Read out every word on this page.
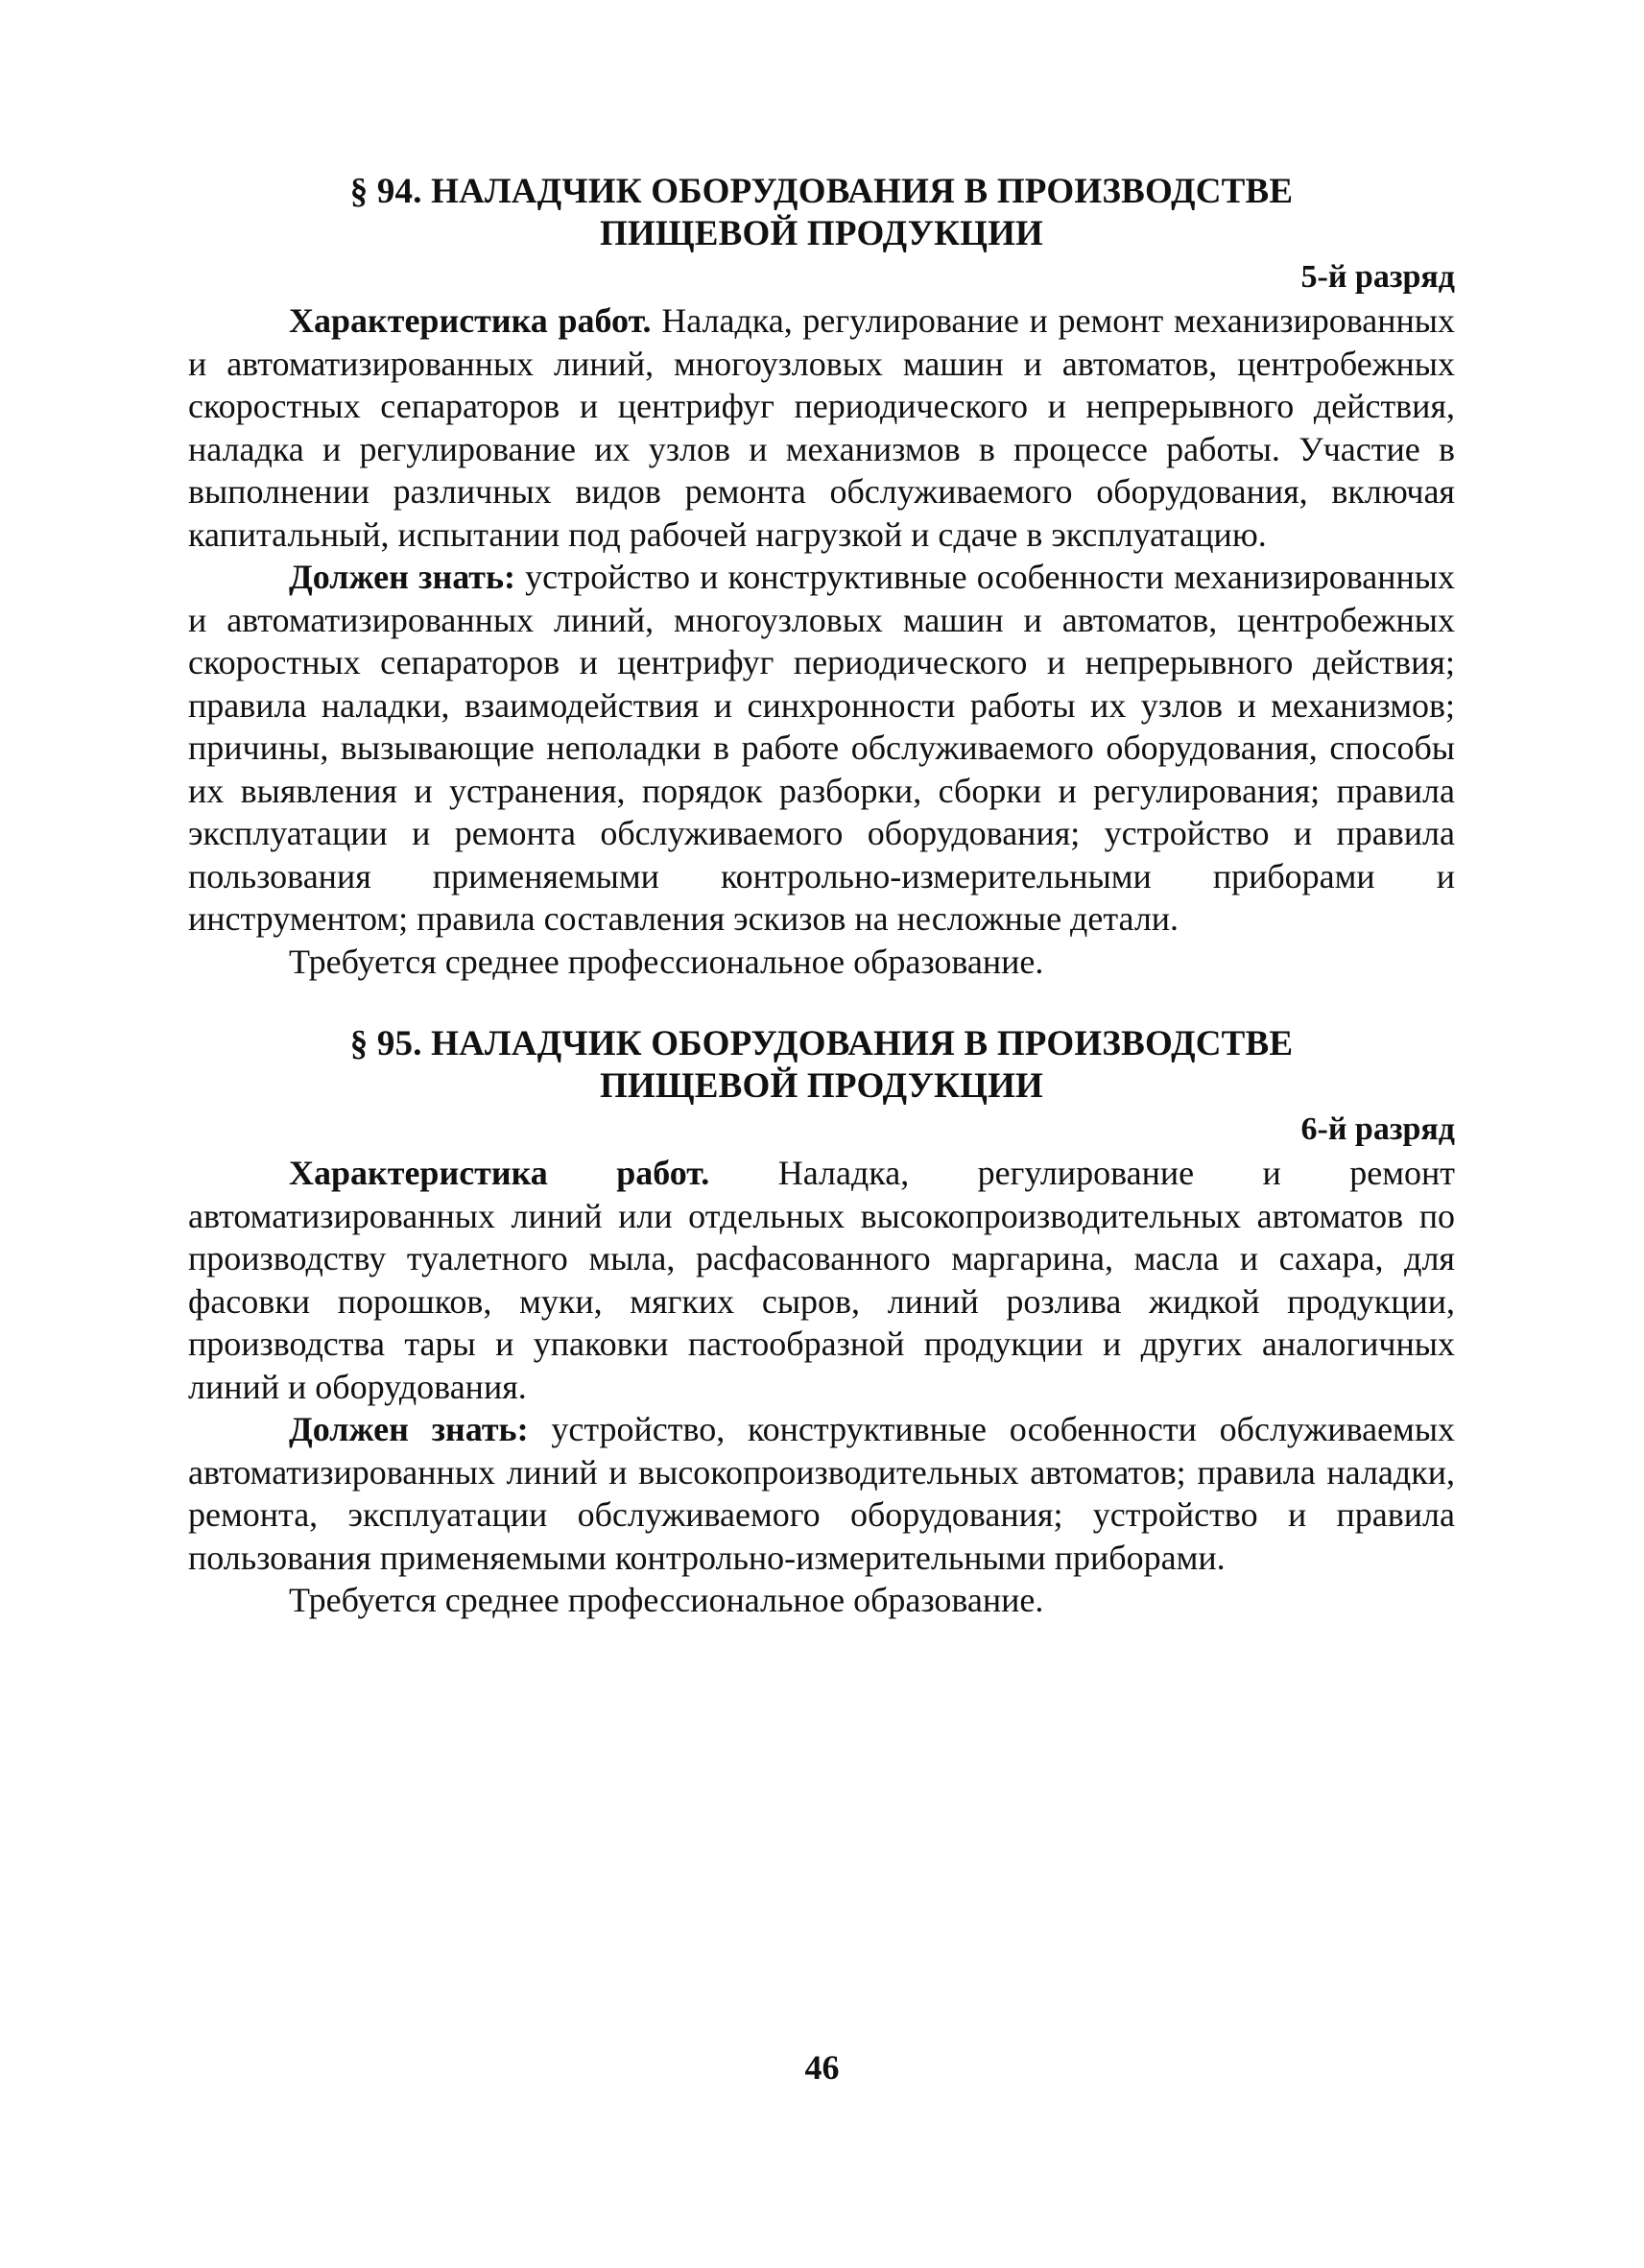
§ 94. НАЛАДЧИК ОБОРУДОВАНИЯ В ПРОИЗВОДСТВЕ
ПИЩЕВОЙ ПРОДУКЦИИ
5-й разряд

Характеристика работ. Наладка, регулирование и ремонт механизированных и автоматизированных линий, многоузловых машин и автоматов, центробежных скоростных сепараторов и центрифуг периодического и непрерывного действия, наладка и регулирование их узлов и механизмов в процессе работы. Участие в выполнении различных видов ремонта обслуживаемого оборудования, включая капитальный, испытании под рабочей нагрузкой и сдаче в эксплуатацию.

Должен знать: устройство и конструктивные особенности механизированных и автоматизированных линий, многоузловых машин и автоматов, центробежных скоростных сепараторов и центрифуг периодического и непрерывного действия; правила наладки, взаимодействия и синхронности работы их узлов и механизмов; причины, вызывающие неполадки в работе обслуживаемого оборудования, способы их выявления и устранения, порядок разборки, сборки и регулирования; правила эксплуатации и ремонта обслуживаемого оборудования; устройство и правила пользования применяемыми контрольно-измерительными приборами и инструментом; правила составления эскизов на несложные детали.

Требуется среднее профессиональное образование.

§ 95. НАЛАДЧИК ОБОРУДОВАНИЯ В ПРОИЗВОДСТВЕ
ПИЩЕВОЙ ПРОДУКЦИИ
6-й разряд

Характеристика работ. Наладка, регулирование и ремонт автоматизированных линий или отдельных высокопроизводительных автоматов по производству туалетного мыла, расфасованного маргарина, масла и сахара, для фасовки порошков, муки, мягких сыров, линий розлива жидкой продукции, производства тары и упаковки пастообразной продукции и других аналогичных линий и оборудования.

Должен знать: устройство, конструктивные особенности обслуживаемых автоматизированных линий и высокопроизводительных автоматов; правила наладки, ремонта, эксплуатации обслуживаемого оборудования; устройство и правила пользования применяемыми контрольно-измерительными приборами.

Требуется среднее профессиональное образование.

46
